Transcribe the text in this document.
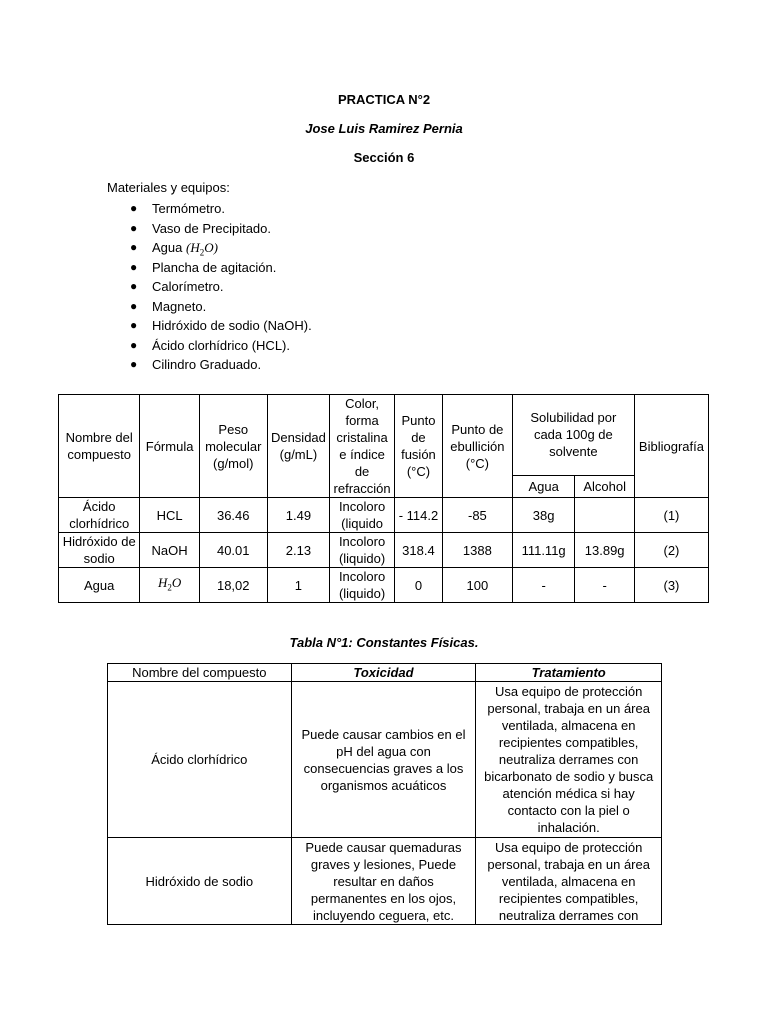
PRACTICA N°2
Jose Luis Ramirez Pernia
Sección 6
Materiales y equipos:
● Termómetro.
● Vaso de Precipitado.
● Agua $(H_2O)$
● Plancha de agitación.
● Calorímetro.
● Magneto.
● Hidróxido de sodio (NaOH).
● Ácido clorhídrico (HCL).
● Cilindro Graduado.
Nombre del compuesto	Fórmula	Peso molecular (g/mol)	Densidad (g/mL)	Color, forma cristalina e índice de refracción	Punto de fusión (°C)	Punto de ebullición (°C)	Solubilidad por cada 100g de solvente		Bibliografía
							Agua	Alcohol	
Ácido clorhídrico	HCL	36.46	1.49	Incoloro (liquido	- 114.2	-85	38g		(1)
Hidróxido de sodio	NaOH	40.01	2.13	Incoloro (liquido)	318.4	1388	111.11g	13.89g	(2)
Agua	$H_2O$	18,02	1	Incoloro (liquido)	0	100	-	-	(3)
Tabla N°1: Constantes Físicas.
Nombre del compuesto	Toxicidad	Tratamiento
Ácido clorhídrico	Puede causar cambios en el pH del agua con consecuencias graves a los organismos acuáticos	Usa equipo de protección personal, trabaja en un área ventilada, almacena en recipientes compatibles, neutraliza derrames con bicarbonato de sodio y busca atención médica si hay contacto con la piel o inhalación.
Hidróxido de sodio	Puede causar quemaduras graves y lesiones, Puede resultar en daños permanentes en los ojos, incluyendo ceguera, etc.	Usa equipo de protección personal, trabaja en un área ventilada, almacena en recipientes compatibles, neutraliza derrames con
